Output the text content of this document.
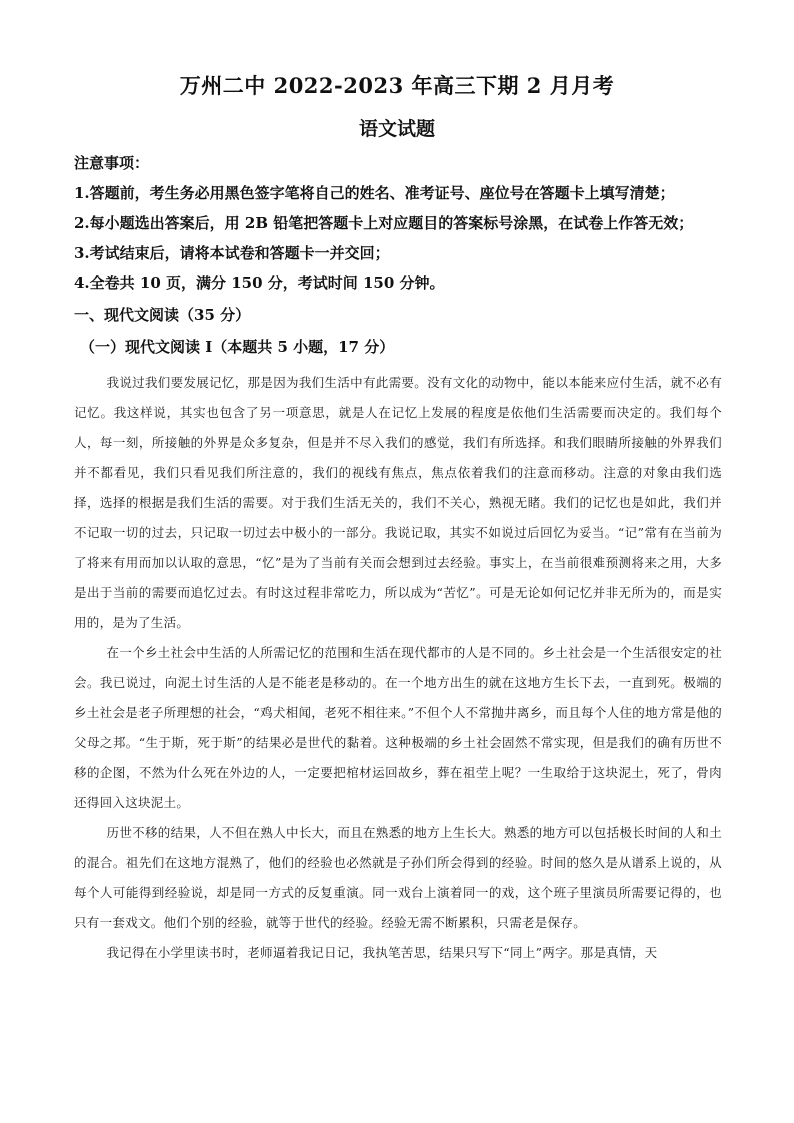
万州二中 2022-2023 年高三下期 2 月月考
语文试题
注意事项：
1.答题前，考生务必用黑色签字笔将自己的姓名、准考证号、座位号在答题卡上填写清楚；
2.每小题选出答案后，用 2B 铅笔把答题卡上对应题目的答案标号涂黑，在试卷上作答无效；
3.考试结束后，请将本试卷和答题卡一并交回；
4.全卷共 10 页，满分 150 分，考试时间 150 分钟。
一、现代文阅读（35 分）
（一）现代文阅读 I（本题共 5 小题，17 分）

我说过我们要发展记忆，那是因为我们生活中有此需要。没有文化的动物中，能以本能来应付生活，就不必有记忆。我这样说，其实也包含了另一项意思，就是人在记忆上发展的程度是依他们生活需要而决定的。我们每个人，每一刻，所接触的外界是众多复杂，但是并不尽入我们的感觉，我们有所选择。和我们眼睛所接触的外界我们并不都看见，我们只看见我们所注意的，我们的视线有焦点，焦点依着我们的注意而移动。注意的对象由我们选择，选择的根据是我们生活的需要。对于我们生活无关的，我们不关心，熟视无睹。我们的记忆也是如此，我们并不记取一切的过去，只记取一切过去中极小的一部分。我说记取，其实不如说过后回忆为妥当。“记”常有在当前为了将来有用而加以认取的意思，“忆”是为了当前有关而会想到过去经验。事实上，在当前很难预测将来之用，大多是出于当前的需要而追忆过去。有时这过程非常吃力，所以成为“苦忆”。可是无论如何记忆并非无所为的，而是实用的，是为了生活。

在一个乡土社会中生活的人所需记忆的范围和生活在现代都市的人是不同的。乡土社会是一个生活很安定的社会。我已说过，向泥土讨生活的人是不能老是移动的。在一个地方出生的就在这地方生长下去，一直到死。极端的乡土社会是老子所理想的社会，“鸡犬相闻，老死不相往来。”不但个人不常抛井离乡，而且每个人住的地方常是他的父母之邦。“生于斯，死于斯”的结果必是世代的黏着。这种极端的乡土社会固然不常实现，但是我们的确有历世不移的企图，不然为什么死在外边的人，一定要把棺材运回故乡，葬在祖茔上呢？一生取给于这块泥土，死了，骨肉还得回入这块泥土。

历世不移的结果，人不但在熟人中长大，而且在熟悉的地方上生长大。熟悉的地方可以包括极长时间的人和土的混合。祖先们在这地方混熟了，他们的经验也必然就是子孙们所会得到的经验。时间的悠久是从谱系上说的，从每个人可能得到经验说，却是同一方式的反复重演。同一戏台上演着同一的戏，这个班子里演员所需要记得的，也只有一套戏文。他们个别的经验，就等于世代的经验。经验无需不断累积，只需老是保存。

我记得在小学里读书时，老师逼着我记日记，我执笔苦思，结果只写下“同上”两字。那是真情，天
